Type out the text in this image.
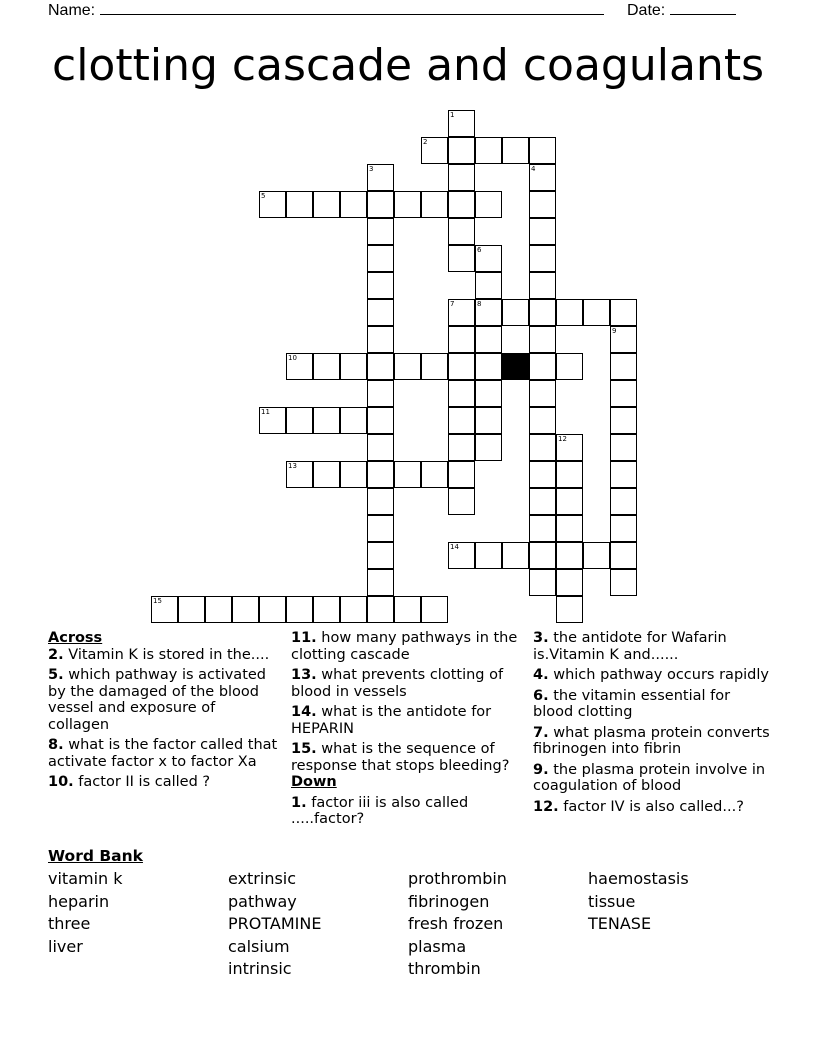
Name:	Date:
clotting cascade and coagulants
1
2
3	4
5
6
7	8
9
10
11
12
13
14
15

Across

2. Vitamin K is stored in the....

5. which pathway is activated by the damaged of the blood vessel and exposure of collagen

8. what is the factor called that activate factor x to factor Xa

10. factor II is called ?

11. how many pathways in the clotting cascade

13. what prevents clotting of blood in vessels

14. what is the antidote for HEPARIN

15. what is the sequence of response that stops bleeding?

Down

1. factor iii is also called .....factor?

3. the antidote for Wafarin is.Vitamin K and......

4. which pathway occurs rapidly

6. the vitamin essential for blood clotting

7. what plasma protein converts fibrinogen into fibrin

9. the plasma protein involve in coagulation of blood

12. factor IV is also called...?

Word Bank
vitamin k
heparin
three
liver
extrinsic pathway
PROTAMINE
calsium
intrinsic
prothrombin
fibrinogen
fresh frozen plasma
thrombin
haemostasis
tissue
TENASE
